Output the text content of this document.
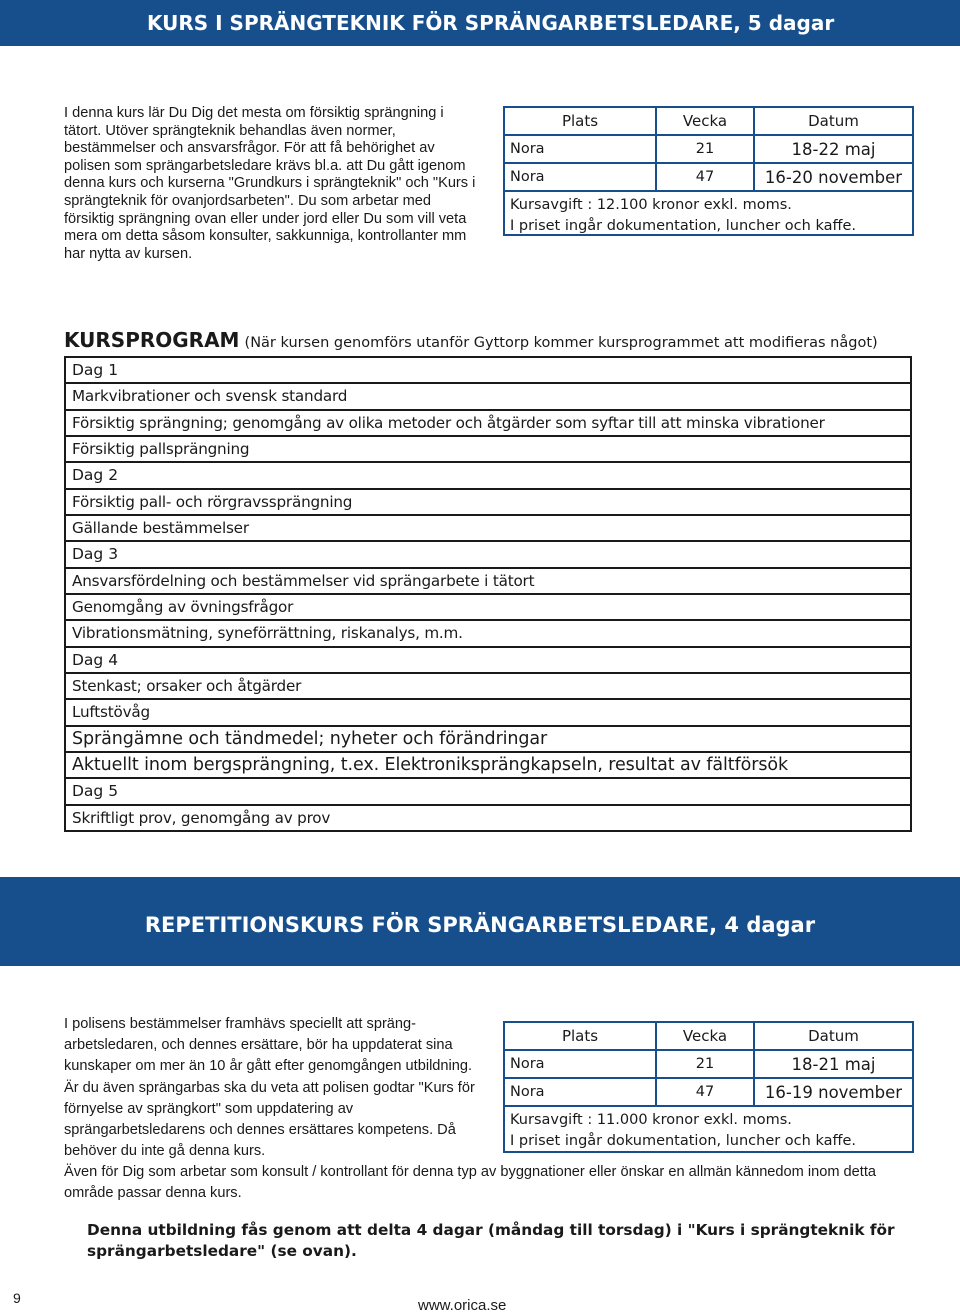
KURS I SPRÄNGTEKNIK FÖR SPRÄNGARBETSLEDARE, 5 dagar

I denna kurs lär Du Dig det mesta om försiktig sprängning i tätort. Utöver sprängteknik behandlas även normer, bestämmelser och ansvarsfrågor. För att få behörighet av polisen som sprängarbetsledare krävs bl.a. att Du gått igenom denna kurs och kurserna "Grundkurs i sprängteknik" och "Kurs i sprängteknik för ovanjordsarbeten". Du som arbetar med försiktig sprängning ovan eller under jord eller Du som vill veta mera om detta såsom konsulter, sakkunniga, kontrollanter mm har nytta av kursen.

Plats	Vecka	Datum
Nora	21	18-22 maj
Nora	47	16-20 november
Kursavgift : 12.100 kronor exkl. moms.
I priset ingår dokumentation, luncher och kaffe.

KURSPROGRAM (När kursen genomförs utanför Gyttorp kommer kursprogrammet att modifieras något)

Dag 1
Markvibrationer och svensk standard
Försiktig sprängning; genomgång av olika metoder och åtgärder som syftar till att minska vibrationer
Försiktig pallsprängning
Dag 2
Försiktig pall- och rörgravssprängning
Gällande bestämmelser
Dag 3
Ansvarsfördelning och bestämmelser vid sprängarbete i tätort
Genomgång av övningsfrågor
Vibrationsmätning, syneförrättning, riskanalys, m.m.
Dag 4
Stenkast; orsaker och åtgärder
Luftstövåg
Sprängämne och tändmedel; nyheter och förändringar
Aktuellt inom bergsprängning, t.ex. Elektroniksprängkapseln, resultat av fältförsök
Dag 5
Skriftligt prov, genomgång av prov
REPETITIONSKURS FÖR SPRÄNGARBETSLEDARE, 4 dagar

I polisens bestämmelser framhävs speciellt att sprängarbetsledaren, och dennes ersättare, bör ha uppdaterat sina kunskaper om mer än 10 år gått efter genomgången utbildning. Är du även sprängarbas ska du veta att polisen godtar "Kurs för förnyelse av sprängkort" som uppdatering av sprängarbetsledarens och dennes ersättares kompetens. Då behöver du inte gå denna kurs.

Även för Dig som arbetar som konsult / kontrollant för denna typ av byggnationer eller önskar en allmän kännedom inom detta område passar denna kurs.

Plats	Vecka	Datum
Nora	21	18-21 maj
Nora	47	16-19 november
Kursavgift : 11.000 kronor exkl. moms.
I priset ingår dokumentation, luncher och kaffe.

Denna utbildning fås genom att delta 4 dagar (måndag till torsdag) i "Kurs i sprängteknik för sprängarbetsledare" (se ovan).

9	www.orica.se
